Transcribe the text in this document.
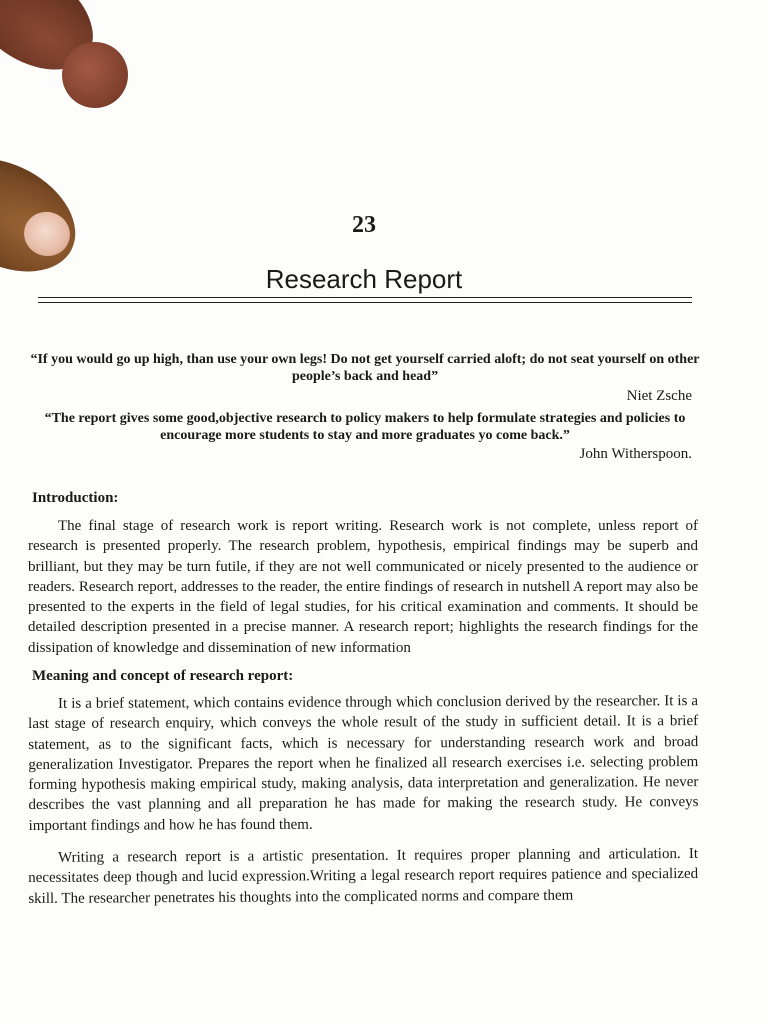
23
Research Report
“If you would go up high, than use your own legs! Do not get yourself carried aloft; do not seat yourself on other people’s back and head”
Niet Zsche
“The report gives some good,objective research to policy makers to help formulate strategies and policies to encourage more students to stay and more graduates yo come back.”
John Witherspoon.
Introduction:

The final stage of research work is report writing. Research work is not complete, unless report of research is presented properly. The research problem, hypothesis, empirical findings may be superb and brilliant, but they may be turn futile, if they are not well communicated or nicely presented to the audience or readers. Research report, addresses to the reader, the entire findings of research in nutshell A report may also be presented to the experts in the field of legal studies, for his critical examination and comments. It should be detailed description presented in a precise manner. A research report; highlights the research findings for the dissipation of knowledge and dissemination of new information

Meaning and concept of research report:

It is a brief statement, which contains evidence through which conclusion derived by the researcher. It is a last stage of research enquiry, which conveys the whole result of the study in sufficient detail. It is a brief statement, as to the significant facts, which is necessary for understanding research work and broad generalization Investigator. Prepares the report when he finalized all research exercises i.e. selecting problem forming hypothesis making empirical study, making analysis, data interpretation and generalization. He never describes the vast planning and all preparation he has made for making the research study. He conveys important findings and how he has found them.

Writing a research report is a artistic presentation. It requires proper planning and articulation. It necessitates deep though and lucid expression.Writing a legal research report requires patience and specialized skill. The researcher penetrates his thoughts into the complicated norms and compare them
